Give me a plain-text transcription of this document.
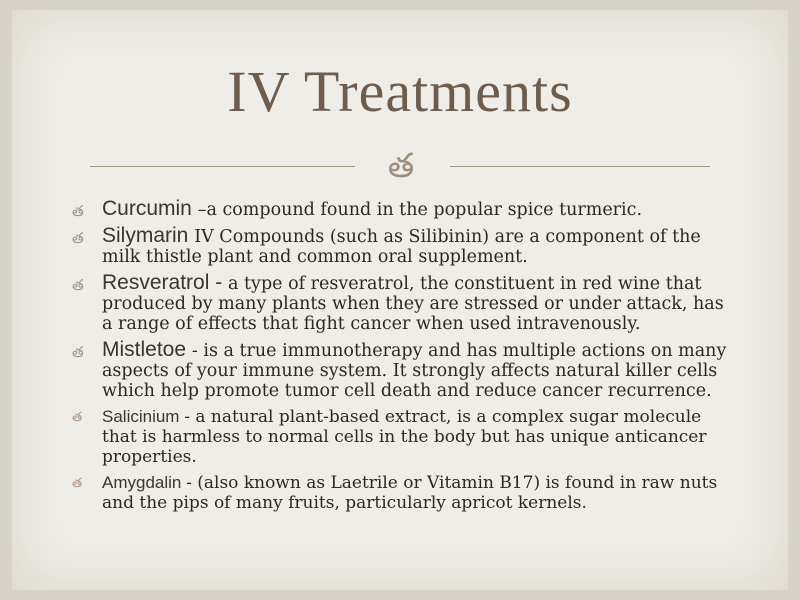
IV Treatments
త
త Curcumin –a compound found in the popular spice turmeric.
త Silymarin IV Compounds (such as Silibinin) are a component of the milk thistle plant and common oral supplement.
త Resveratrol - a type of resveratrol, the constituent in red wine that produced by many plants when they are stressed or under attack, has a range of effects that fight cancer when used intravenously.
త Mistletoe - is a true immunotherapy and has multiple actions on many aspects of your immune system. It strongly affects natural killer cells which help promote tumor cell death and reduce cancer recurrence.
త	Salicinium - a natural plant-based extract, is a complex sugar molecule that is harmless to normal cells in the body but has unique anticancer properties.
త	Amygdalin - (also known as Laetrile or Vitamin B17) is found in raw nuts and the pips of many fruits, particularly apricot kernels.
